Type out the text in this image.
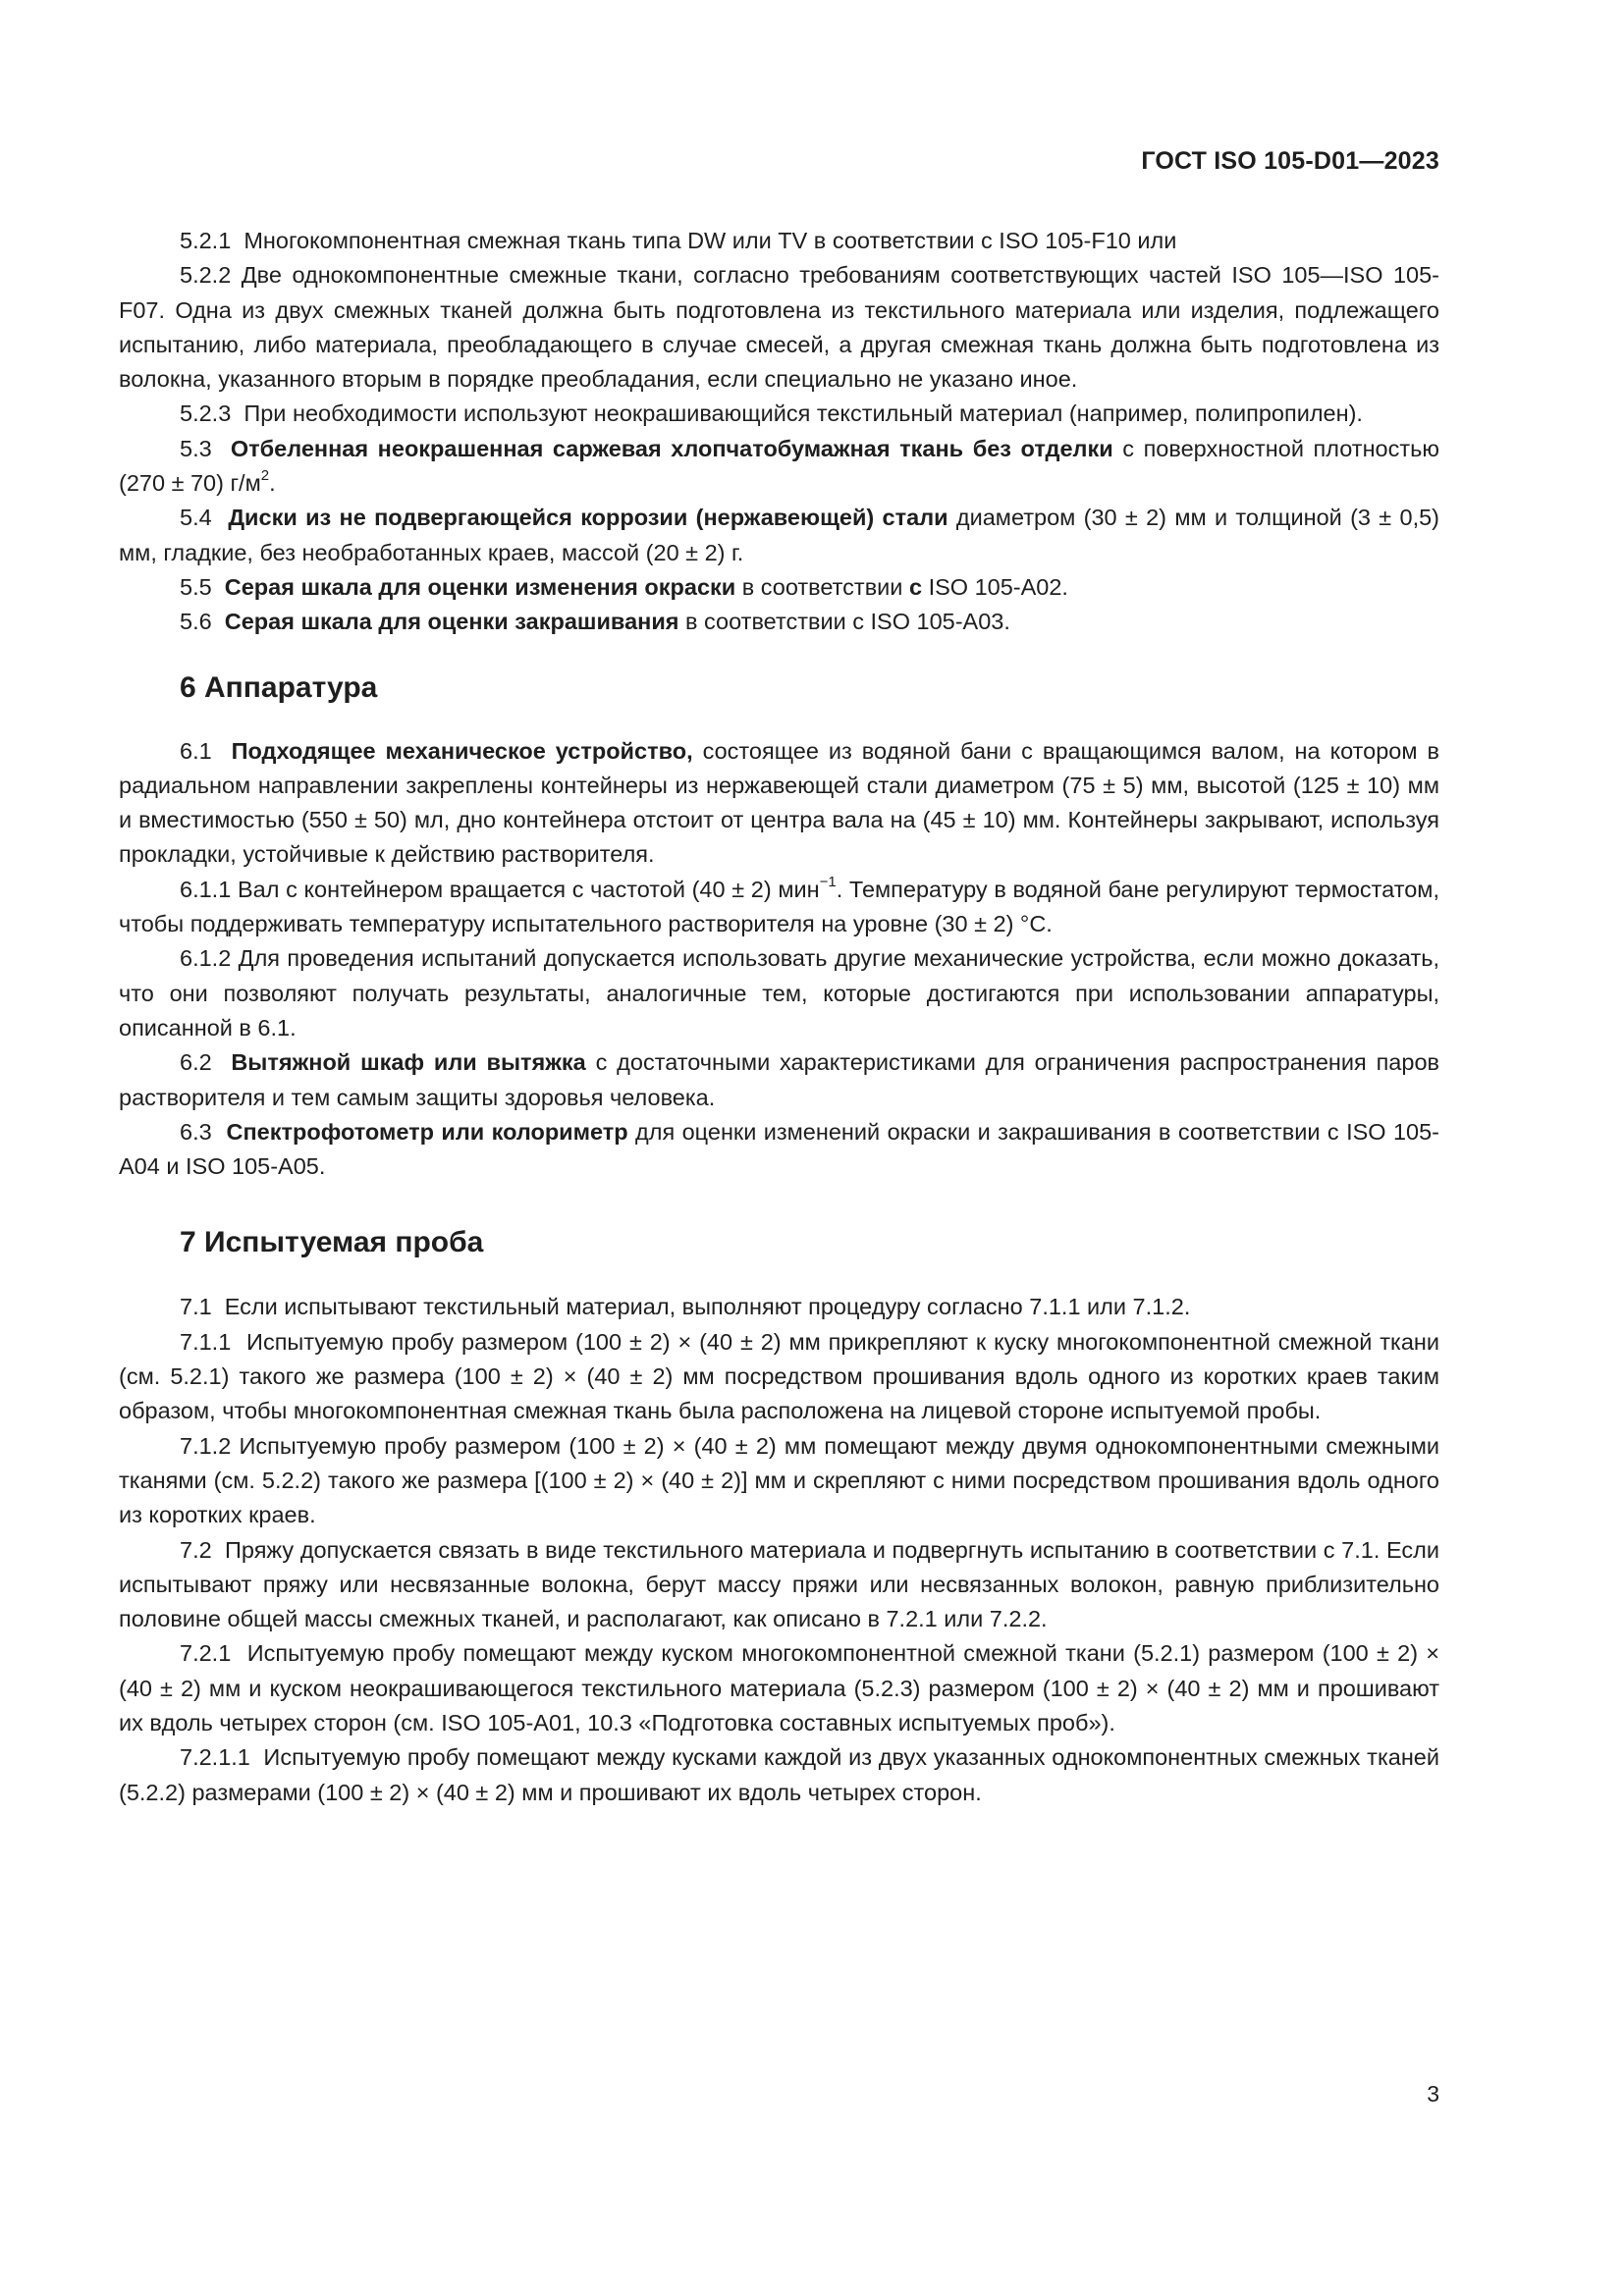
ГОСТ ISO 105-D01—2023

5.2.1 Многокомпонентная смежная ткань типа DW или TV в соответствии с ISO 105-F10 или

5.2.2 Две однокомпонентные смежные ткани, согласно требованиям соответствующих частей ISO 105—ISO 105-F07. Одна из двух смежных тканей должна быть подготовлена из текстильного материала или изделия, подлежащего испытанию, либо материала, преобладающего в случае смесей, а другая смежная ткань должна быть подготовлена из волокна, указанного вторым в порядке преобладания, если специально не указано иное.

5.2.3 При необходимости используют неокрашивающийся текстильный материал (например, полипропилен).

5.3 Отбеленная неокрашенная саржевая хлопчатобумажная ткань без отделки с поверхностной плотностью (270 ± 70) $г/м^2$.

5.4 Диски из не подвергающейся коррозии (нержавеющей) стали диаметром (30 ± 2) мм и толщиной (3 ± 0,5) мм, гладкие, без необработанных краев, массой (20 ± 2) г.

5.5 Серая шкала для оценки изменения окраски в соответствии с ISO 105-A02.

5.6 Серая шкала для оценки закрашивания в соответствии с ISO 105-A03.

6 Аппаратура

6.1 Подходящее механическое устройство, состоящее из водяной бани с вращающимся валом, на котором в радиальном направлении закреплены контейнеры из нержавеющей стали диаметром (75 ± 5) мм, высотой (125 ± 10) мм и вместимостью (550 ± 50) мл, дно контейнера отстоит от центра вала на (45 ± 10) мм. Контейнеры закрывают, используя прокладки, устойчивые к действию растворителя.

6.1.1 Вал с контейнером вращается с частотой (40 ± 2) мин$^{-1}$. Температуру в водяной бане регулируют термостатом, чтобы поддерживать температуру испытательного растворителя на уровне (30 ± 2) °С.

6.1.2 Для проведения испытаний допускается использовать другие механические устройства, если можно доказать, что они позволяют получать результаты, аналогичные тем, которые достигаются при использовании аппаратуры, описанной в 6.1.

6.2 Вытяжной шкаф или вытяжка с достаточными характеристиками для ограничения распространения паров растворителя и тем самым защиты здоровья человека.

6.3 Спектрофотометр или колориметр для оценки изменений окраски и закрашивания в соответствии с ISO 105-A04 и ISO 105-A05.

7 Испытуемая проба

7.1 Если испытывают текстильный материал, выполняют процедуру согласно 7.1.1 или 7.1.2.

7.1.1 Испытуемую пробу размером (100 ± 2) × (40 ± 2) мм прикрепляют к куску многокомпонентной смежной ткани (см. 5.2.1) такого же размера (100 ± 2) × (40 ± 2) мм посредством прошивания вдоль одного из коротких краев таким образом, чтобы многокомпонентная смежная ткань была расположена на лицевой стороне испытуемой пробы.

7.1.2 Испытуемую пробу размером (100 ± 2) × (40 ± 2) мм помещают между двумя однокомпонентными смежными тканями (см. 5.2.2) такого же размера [(100 ± 2) × (40 ± 2)] мм и скрепляют с ними посредством прошивания вдоль одного из коротких краев.

7.2 Пряжу допускается связать в виде текстильного материала и подвергнуть испытанию в соответствии с 7.1. Если испытывают пряжу или несвязанные волокна, берут массу пряжи или несвязанных волокон, равную приблизительно половине общей массы смежных тканей, и располагают, как описано в 7.2.1 или 7.2.2.

7.2.1 Испытуемую пробу помещают между куском многокомпонентной смежной ткани (5.2.1) размером (100 ± 2) × (40 ± 2) мм и куском неокрашивающегося текстильного материала (5.2.3) размером (100 ± 2) × (40 ± 2) мм и прошивают их вдоль четырех сторон (см. ISO 105-A01, 10.3 «Подготовка составных испытуемых проб»).

7.2.1.1 Испытуемую пробу помещают между кусками каждой из двух указанных однокомпонентных смежных тканей (5.2.2) размерами (100 ± 2) × (40 ± 2) мм и прошивают их вдоль четырех сторон.

3
